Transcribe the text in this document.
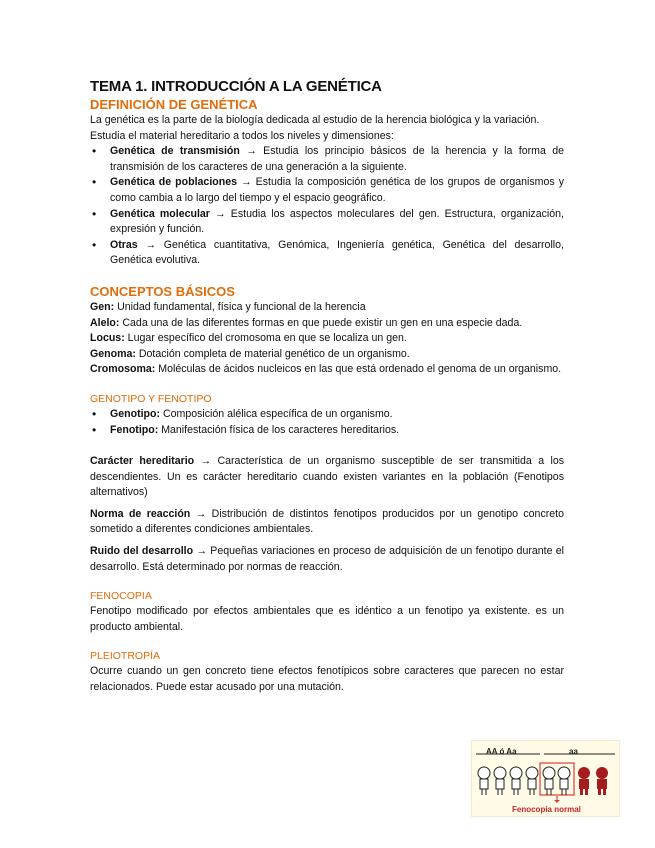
TEMA 1. INTRODUCCIÓN A LA GENÉTICA
DEFINICIÓN DE GENÉTICA

La genética es la parte de la biología dedicada al estudio de la herencia biológica y la variación.

Estudia el material hereditario a todos los niveles y dimensiones:

• Genética de transmisión → Estudia los principio básicos de la herencia y la forma de transmisión de los caracteres de una generación a la siguiente.
• Genética de poblaciones → Estudia la composición genética de los grupos de organismos y como cambia a lo largo del tiempo y el espacio geográfico.
• Genética molecular → Estudia los aspectos moleculares del gen. Estructura, organización, expresión y función.
• Otras → Genética cuantitativa, Genómica, Ingeniería genética, Genética del desarrollo, Genética evolutiva.
CONCEPTOS BÁSICOS

Gen: Unidad fundamental, física y funcional de la herencia

Alelo: Cada una de las diferentes formas en que puede existir un gen en una especie dada.

Locus: Lugar específico del cromosoma en que se localiza un gen.

Genoma: Dotación completa de material genético de un organismo.

Cromosoma: Moléculas de ácidos nucleicos en las que está ordenado el genoma de un organismo.

GENOTIPO Y FENOTIPO
• Genotipo: Composición alélica específica de un organismo.
• Fenotipo: Manifestación física de los caracteres hereditarios.

Carácter hereditario → Característica de un organismo susceptible de ser transmitida a los descendientes. Un es carácter hereditario cuando existen variantes en la población (Fenotipos alternativos)

Norma de reacción → Distribución de distintos fenotipos producidos por un genotipo concreto sometido a diferentes condiciones ambientales.

Ruido del desarrollo → Pequeñas variaciones en proceso de adquisición de un fenotipo durante el desarrollo. Está determinado por normas de reacción.

FENOCOPIA

Fenotipo modificado por efectos ambientales que es idéntico a un fenotipo ya existente. es un producto ambiental.

PLEIOTROPÍA

Ocurre cuando un gen concreto tiene efectos fenotípicos sobre caracteres que parecen no estar relacionados. Puede estar acusado por una mutación.

AA ó Aa	aa
Fenocopia normal
